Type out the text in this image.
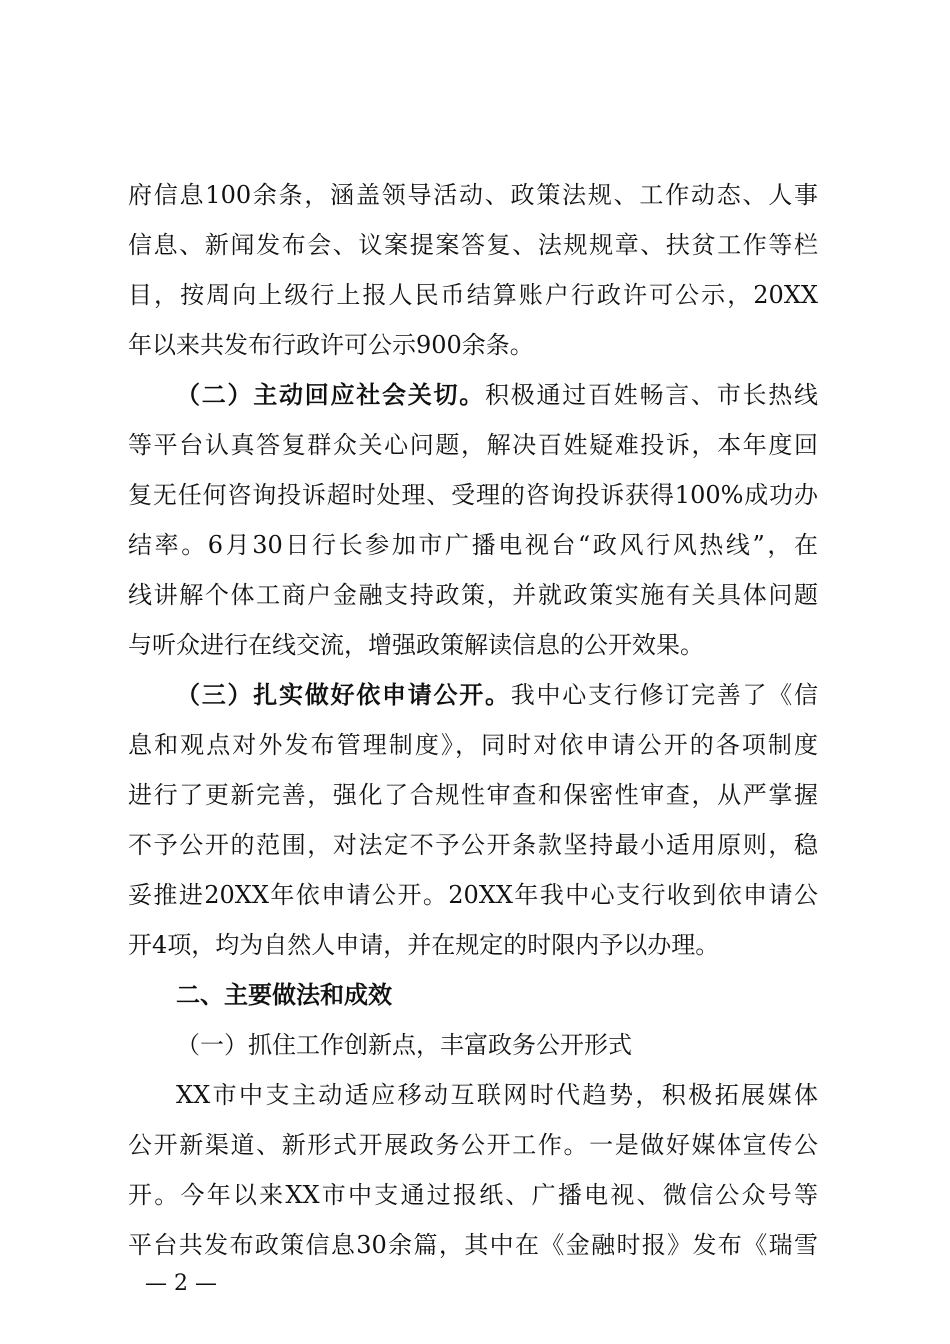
府信息100余条，涵盖领导活动、政策法规、工作动态、人事
信息、新闻发布会、议案提案答复、法规规章、扶贫工作等栏
目，按周向上级行上报人民币结算账户行政许可公示，20XX
年以来共发布行政许可公示900余条。
（二）主动回应社会关切。积极通过百姓畅言、市长热线
等平台认真答复群众关心问题，解决百姓疑难投诉，本年度回
复无任何咨询投诉超时处理、受理的咨询投诉获得100%成功办
结率。6月30日行长参加市广播电视台“政风行风热线”，在
线讲解个体工商户金融支持政策，并就政策实施有关具体问题
与听众进行在线交流，增强政策解读信息的公开效果。
（三）扎实做好依申请公开。我中心支行修订完善了《信
息和观点对外发布管理制度》，同时对依申请公开的各项制度
进行了更新完善，强化了合规性审查和保密性审查，从严掌握
不予公开的范围，对法定不予公开条款坚持最小适用原则，稳
妥推进20XX年依申请公开。20XX年我中心支行收到依申请公
开4项，均为自然人申请，并在规定的时限内予以办理。
二、主要做法和成效
（一）抓住工作创新点，丰富政务公开形式
XX市中支主动适应移动互联网时代趋势，积极拓展媒体
公开新渠道、新形式开展政务公开工作。一是做好媒体宣传公
开。今年以来XX市中支通过报纸、广播电视、微信公众号等
平台共发布政策信息30余篇，其中在《金融时报》发布《瑞雪
— 2 —
